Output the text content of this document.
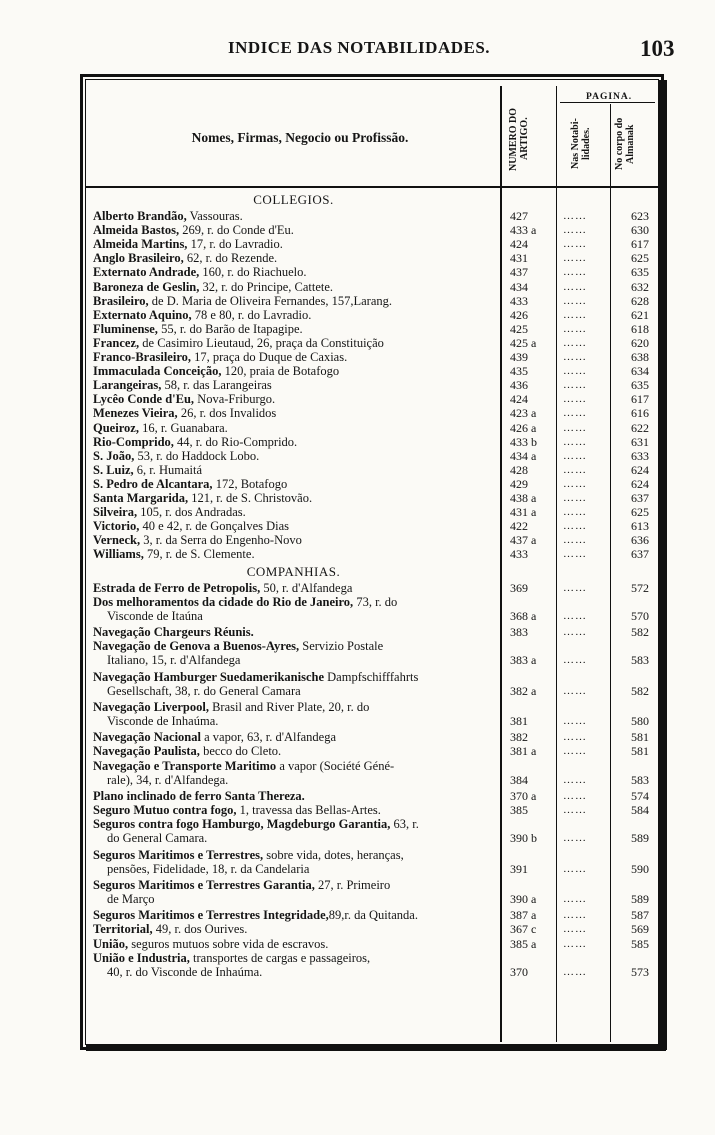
INDICE DAS NOTABILIDADES.	103
Nomes, Firmas, Negocio ou Profissão.	NUMERO DO ARTIGO.
PAGINA.
Nas Notabi- lidades.	No corpo do Almanak
COLLEGIOS.
Alberto Brandão, Vassouras.	427	……	623
Almeida Bastos, 269, r. do Conde d'Eu.	433 a	……	630
Almeida Martins, 17, r. do Lavradio.	424	……	617
Anglo Brasileiro, 62, r. do Rezende.	431	……	625
Externato Andrade, 160, r. do Riachuelo.	437	……	635
Baroneza de Geslin, 32, r. do Principe, Cattete.	434	……	632
Brasileiro, de D. Maria de Oliveira Fernandes, 157,Larang.	433	……	628
Externato Aquino, 78 e 80, r. do Lavradio.	426	……	621
Fluminense, 55, r. do Barão de Itapagipe.	425	……	618
Francez, de Casimiro Lieutaud, 26, praça da Constituição	425 a	……	620
Franco-Brasileiro, 17, praça do Duque de Caxias.	439	……	638
Immaculada Conceição, 120, praia de Botafogo	435	……	634
Larangeiras, 58, r. das Larangeiras	436	……	635
Lycêo Conde d'Eu, Nova-Friburgo.	424	……	617
Menezes Vieira, 26, r. dos Invalidos	423 a	……	616
Queiroz, 16, r. Guanabara.	426 a	……	622
Rio-Comprido, 44, r. do Rio-Comprido.	433 b	……	631
S. João, 53, r. do Haddock Lobo.	434 a	……	633
S. Luiz, 6, r. Humaitá	428	……	624
S. Pedro de Alcantara, 172, Botafogo	429	……	624
Santa Margarida, 121, r. de S. Christovão.	438 a	……	637
Silveira, 105, r. dos Andradas.	431 a	……	625
Victorio, 40 e 42, r. de Gonçalves Dias	422	……	613
Verneck, 3, r. da Serra do Engenho-Novo	437 a	……	636
Williams, 79, r. de S. Clemente.	433	……	637
COMPANHIAS.
Estrada de Ferro de Petropolis, 50, r. d'Alfandega	369	……	572
Dos melhoramentos da cidade do Rio de Janeiro, 73, r. do
Visconde de Itaúna	368 a	……	570
Navegação Chargeurs Réunis.	383	……	582
Navegação de Genova a Buenos-Ayres, Servizio Postale
Italiano, 15, r. d'Alfandega	383 a	……	583
Navegação Hamburger Suedamerikanische Dampfschifffahrts
Gesellschaft, 38, r. do General Camara	382 a	……	582
Navegação Liverpool, Brasil and River Plate, 20, r. do
Visconde de Inhaúma.	381	……	580
Navegação Nacional a vapor, 63, r. d'Alfandega	382	……	581
Navegação Paulista, becco do Cleto.	381 a	……	581
Navegação e Transporte Maritimo a vapor (Société Géné-
rale), 34, r. d'Alfandega.	384	……	583
Plano inclinado de ferro Santa Thereza.	370 a	……	574
Seguro Mutuo contra fogo, 1, travessa das Bellas-Artes.	385	……	584
Seguros contra fogo Hamburgo, Magdeburgo Garantia, 63, r.
do General Camara.	390 b	……	589
Seguros Maritimos e Terrestres, sobre vida, dotes, heranças,
pensões, Fidelidade, 18, r. da Candelaria	391	……	590
Seguros Maritimos e Terrestres Garantia, 27, r. Primeiro
de Março	390 a	……	589
Seguros Maritimos e Terrestres Integridade,89,r. da Quitanda.	387 a	……	587
Territorial, 49, r. dos Ourives.	367 c	……	569
União, seguros mutuos sobre vida de escravos.	385 a	……	585
União e Industria, transportes de cargas e passageiros,
40, r. do Visconde de Inhaúma.	370	……	573
